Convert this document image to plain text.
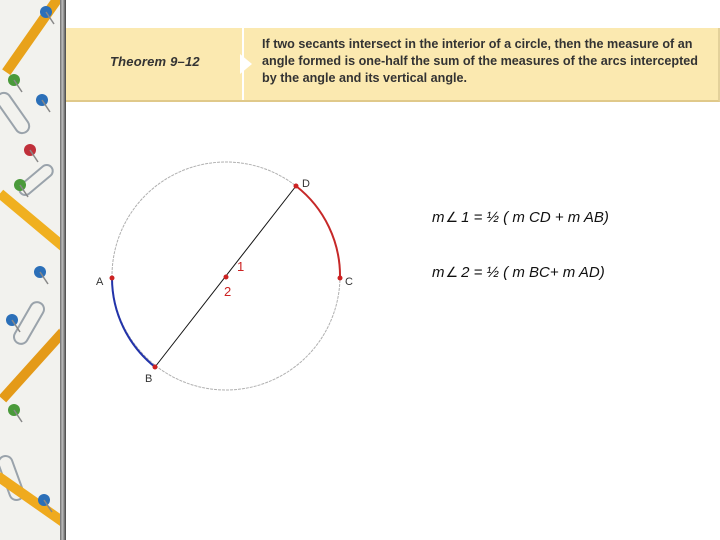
Theorem 9–12
If two secants intersect in the interior of a circle, then the measure of an angle formed is one-half the sum of the measures of the arcs intercepted by the angle and its vertical angle.
D
C
A
B
1
2
m∠ 1 = ½ ( m CD + m AB)
m∠ 2 = ½ ( m BC+ m AD)
